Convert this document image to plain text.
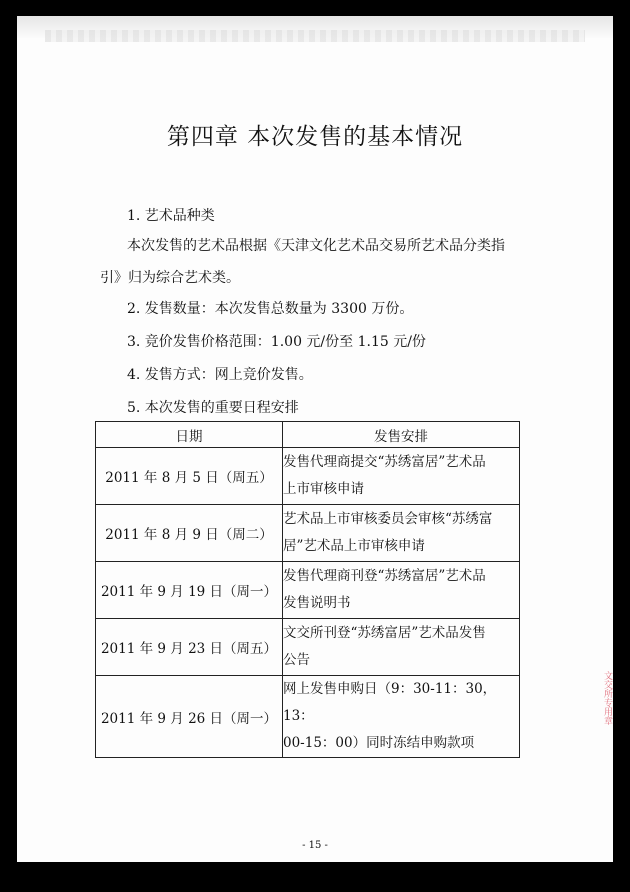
第四章 本次发售的基本情况
1. 艺术品种类
本次发售的艺术品根据《天津文化艺术品交易所艺术品分类指
引》归为综合艺术类。
2. 发售数量：本次发售总数量为 3300 万份。
3. 竞价发售价格范围：1.00 元/份至 1.15 元/份
4. 发售方式：网上竞价发售。
5. 本次发售的重要日程安排
日期	发售安排
2011 年 8 月 5 日（周五）	发售代理商提交“苏绣富居”艺术品
上市审核申请

2011 年 8 月 9 日（周二）	艺术品上市审核委员会审核“苏绣富
居”艺术品上市审核申请

2011 年 9 月 19 日（周一）	发售代理商刊登“苏绣富居”艺术品
发售说明书

2011 年 9 月 23 日（周五）	文交所刊登“苏绣富居”艺术品发售
公告

2011 年 9 月 26 日（周一）	网上发售申购日（9：30-11：30，13：
00-15：00）同时冻结申购款项
文交所专用章
- 15 -
